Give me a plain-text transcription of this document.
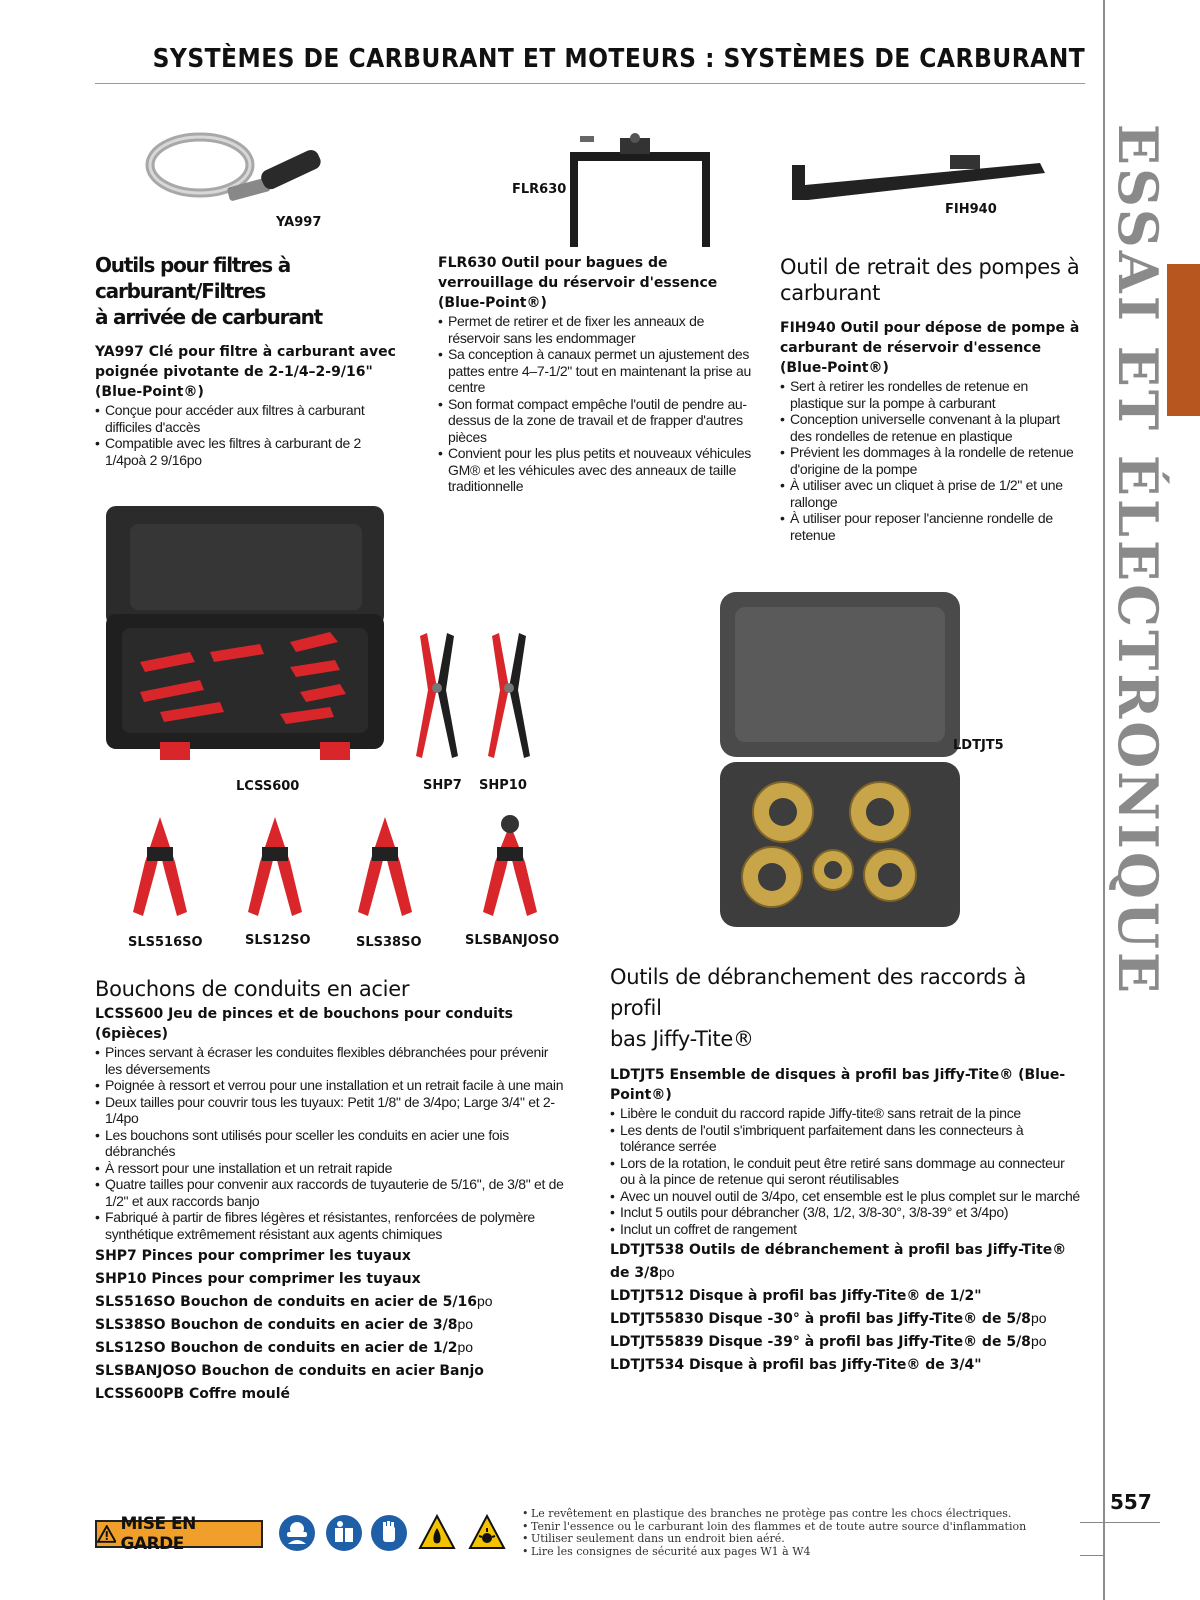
SYSTÈMES DE CARBURANT ET MOTEURS : SYSTÈMES DE CARBURANT
ESSAI ET ÉLECTRONIQUE
YA997
FLR630
FIH940
Outils pour filtres à carburant/Filtres
à arrivée de carburant
YA997 Clé pour filtre à carburant avec poignée pivotante de 2-1/4–2-9/16" (Blue-Point®)
• Conçue pour accéder aux filtres à carburant difficiles d'accès
• Compatible avec les filtres à carburant de 2 1/4poà 2 9/16po
FLR630 Outil pour bagues de verrouillage du réservoir d'essence (Blue-Point®)
• Permet de retirer et de fixer les anneaux de réservoir sans les endommager
• Sa conception à canaux permet un ajustement des pattes entre 4–7-1/2" tout en maintenant la prise au centre
• Son format compact empêche l'outil de pendre au-dessus de la zone de travail et de frapper d'autres pièces
• Convient pour les plus petits et nouveaux véhicules GM® et les véhicules avec des anneaux de taille traditionnelle
Outil de retrait des pompes à
carburant
FIH940 Outil pour dépose de pompe à carburant de réservoir d'essence (Blue-Point®)
• Sert à retirer les rondelles de retenue en plastique sur la pompe à carburant
• Conception universelle convenant à la plupart des rondelles de retenue en plastique
• Prévient les dommages à la rondelle de retenue d'origine de la pompe
• À utiliser avec un cliquet à prise de 1/2" et une rallonge
• À utiliser pour reposer l'ancienne rondelle de retenue
LCSS600	SHP7 SHP10
LDTJT5
SLS516SO	SLS12SO	SLS38SO	SLSBANJOSO
Bouchons de conduits en acier
LCSS600 Jeu de pinces et de bouchons pour conduits (6pièces)
• Pinces servant à écraser les conduites flexibles débranchées pour prévenir les déversements
• Poignée à ressort et verrou pour une installation et un retrait facile à une main
• Deux tailles pour couvrir tous les tuyaux: Petit 1/8" de 3/4po; Large 3/4" et 2-1/4po
• Les bouchons sont utilisés pour sceller les conduits en acier une fois débranchés
• À ressort pour une installation et un retrait rapide
• Quatre tailles pour convenir aux raccords de tuyauterie de 5/16", de 3/8" et de 1/2" et aux raccords banjo
• Fabriqué à partir de fibres légères et résistantes, renforcées de polymère synthétique extrêmement résistant aux agents chimiques
SHP7 Pinces pour comprimer les tuyaux
SHP10 Pinces pour comprimer les tuyaux
SLS516SO Bouchon de conduits en acier de 5/16po
SLS38SO Bouchon de conduits en acier de 3/8po
SLS12SO Bouchon de conduits en acier de 1/2po
SLSBANJOSO Bouchon de conduits en acier Banjo
LCSS600PB Coffre moulé
Outils de débranchement des raccords à profil
bas Jiffy-Tite®
LDTJT5 Ensemble de disques à profil bas Jiffy-Tite® (Blue-Point®)
• Libère le conduit du raccord rapide Jiffy-tite® sans retrait de la pince
• Les dents de l'outil s'imbriquent parfaitement dans les connecteurs à tolérance serrée
• Lors de la rotation, le conduit peut être retiré sans dommage au connecteur ou à la pince de retenue qui seront réutilisables
• Avec un nouvel outil de 3/4po, cet ensemble est le plus complet sur le marché
• Inclut 5 outils pour débrancher (3/8, 1/2, 3/8-30°, 3/8-39° et 3/4po)
• Inclut un coffret de rangement
LDTJT538 Outils de débranchement à profil bas Jiffy-Tite® de 3/8po
LDTJT512 Disque à profil bas Jiffy-Tite® de 1/2"
LDTJT55830 Disque -30° à profil bas Jiffy-Tite® de 5/8po
LDTJT55839 Disque -39° à profil bas Jiffy-Tite® de 5/8po
LDTJT534 Disque à profil bas Jiffy-Tite® de 3/4"
MISE EN GARDE
• Le revêtement en plastique des branches ne protège pas contre les chocs électriques.
• Tenir l'essence ou le carburant loin des flammes et de toute autre source d'inflammation
• Utiliser seulement dans un endroit bien aéré.
• Lire les consignes de sécurité aux pages W1 à W4
557
